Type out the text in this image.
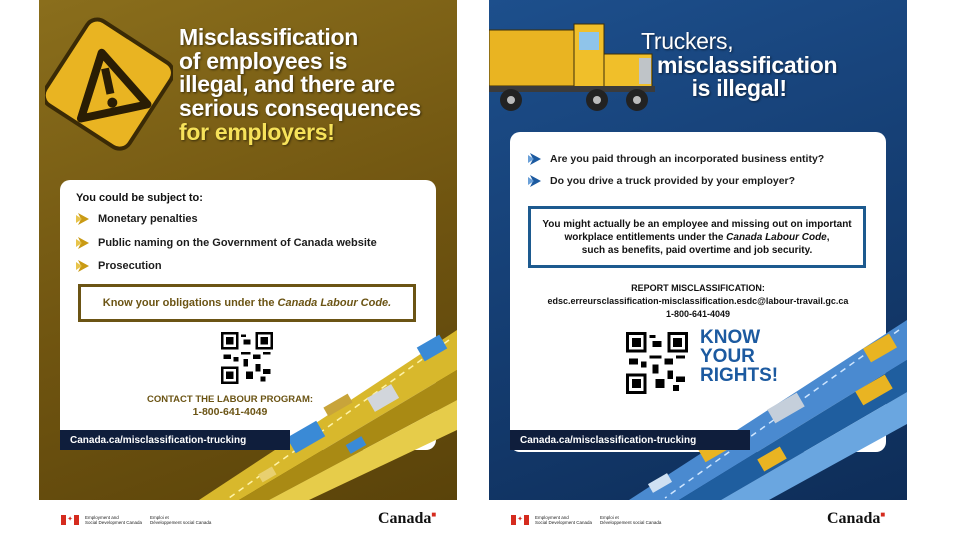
Misclassification
of employees is
illegal, and there are
serious consequences
for employers!
You could be subject to:
Monetary penalties
Public naming on the Government of Canada website
Prosecution
Know your obligations under the
Canada Labour Code.
CONTACT THE LABOUR PROGRAM:
1-800-641-4049
Canada.ca/misclassification-trucking
Truckers,
misclassification
is illegal!
Are you paid through an incorporated business entity?
Do you drive a truck provided by your employer?
You might actually be an employee and missing out on important
workplace entitlements under the Canada Labour Code,
such as benefits, paid overtime and job security.
REPORT MISCLASSIFICATION:
edsc.erreursclassification-misclassification.esdc@labour-travail.gc.ca
1-800-641-4049
KNOW
YOUR
RIGHTS!
Canada.ca/misclassification-trucking
✦	Employment and
Social Development Canada
Emploi et
Développement social Canada	Canada■
✦	Employment and
Social Development Canada
Emploi et
Développement social Canada	Canada■
